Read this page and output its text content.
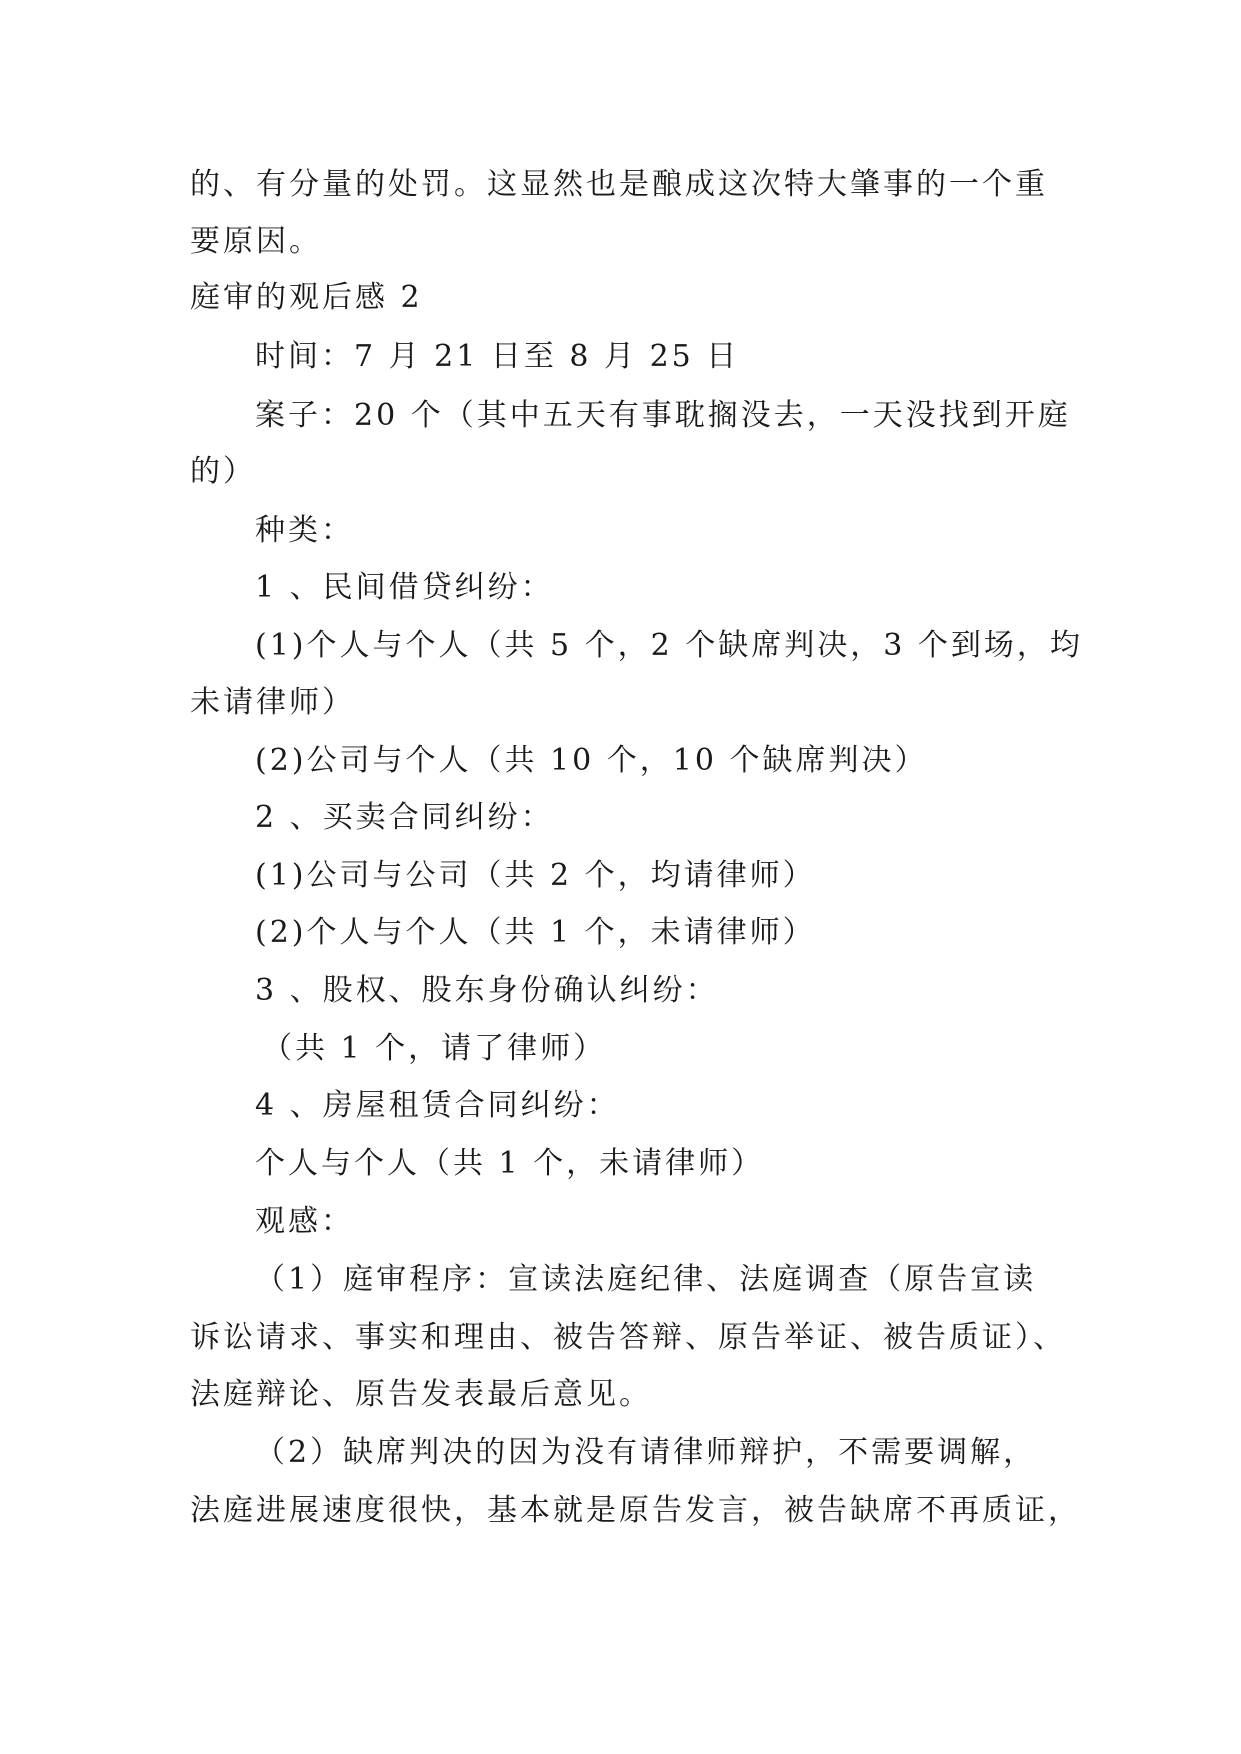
的、有分量的处罚。这显然也是酿成这次特大肇事的一个重
要原因。
庭审的观后感 2
时间：7 月 21 日至 8 月 25 日
案子：20 个（其中五天有事耽搁没去，一天没找到开庭
的）
种类：
1 、民间借贷纠纷：
(1)个人与个人（共 5 个，2 个缺席判决，3 个到场，均
未请律师）
(2)公司与个人（共 10 个，10 个缺席判决）
2 、买卖合同纠纷：
(1)公司与公司（共 2 个，均请律师）
(2)个人与个人（共 1 个，未请律师）
3 、股权、股东身份确认纠纷：
（共 1 个，请了律师）
4 、房屋租赁合同纠纷：
个人与个人（共 1 个，未请律师）
观感：
（1）庭审程序：宣读法庭纪律、法庭调查（原告宣读
诉讼请求、事实和理由、被告答辩、原告举证、被告质证）、
法庭辩论、原告发表最后意见。
（2）缺席判决的因为没有请律师辩护，不需要调解，
法庭进展速度很快，基本就是原告发言，被告缺席不再质证，
